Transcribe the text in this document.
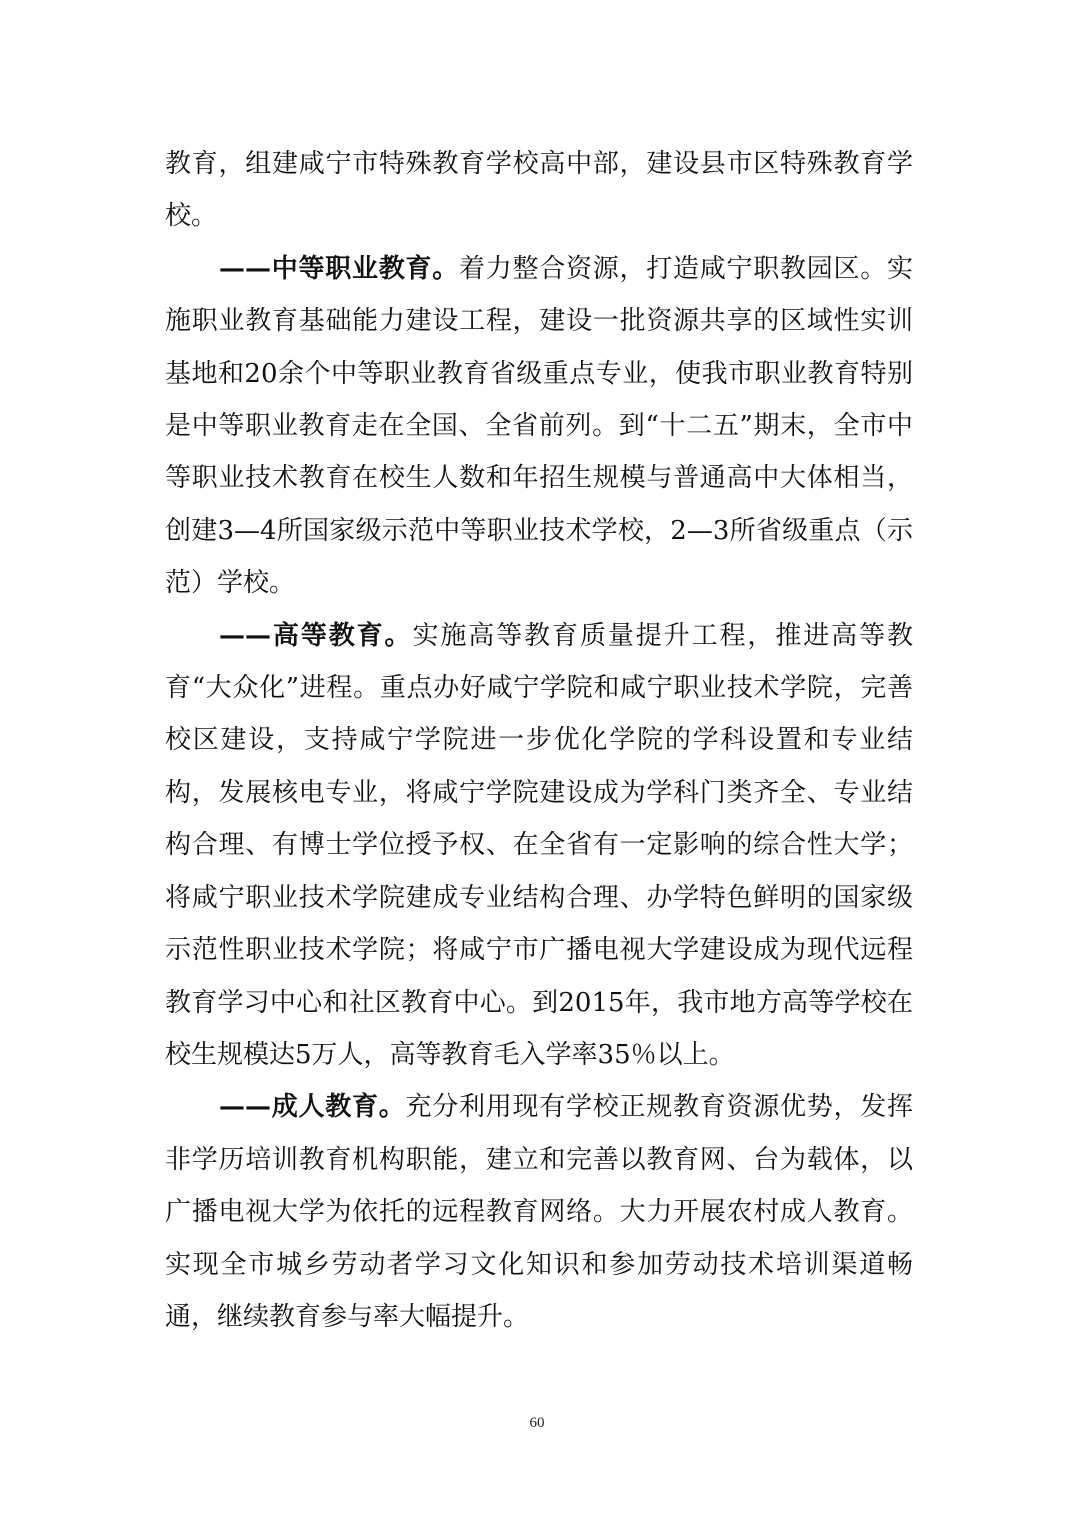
教育，组建咸宁市特殊教育学校高中部，建设县市区特殊教育学校。

——中等职业教育。着力整合资源，打造咸宁职教园区。实施职业教育基础能力建设工程，建设一批资源共享的区域性实训基地和20余个中等职业教育省级重点专业，使我市职业教育特别是中等职业教育走在全国、全省前列。到“十二五”期末，全市中等职业技术教育在校生人数和年招生规模与普通高中大体相当，创建3—4所国家级示范中等职业技术学校，2—3所省级重点（示范）学校。

——高等教育。实施高等教育质量提升工程，推进高等教育“大众化”进程。重点办好咸宁学院和咸宁职业技术学院，完善校区建设，支持咸宁学院进一步优化学院的学科设置和专业结构，发展核电专业，将咸宁学院建设成为学科门类齐全、专业结构合理、有博士学位授予权、在全省有一定影响的综合性大学；将咸宁职业技术学院建成专业结构合理、办学特色鲜明的国家级示范性职业技术学院；将咸宁市广播电视大学建设成为现代远程教育学习中心和社区教育中心。到2015年，我市地方高等学校在校生规模达5万人，高等教育毛入学率35％以上。

——成人教育。充分利用现有学校正规教育资源优势，发挥非学历培训教育机构职能，建立和完善以教育网、台为载体，以广播电视大学为依托的远程教育网络。大力开展农村成人教育。实现全市城乡劳动者学习文化知识和参加劳动技术培训渠道畅通，继续教育参与率大幅提升。

60
